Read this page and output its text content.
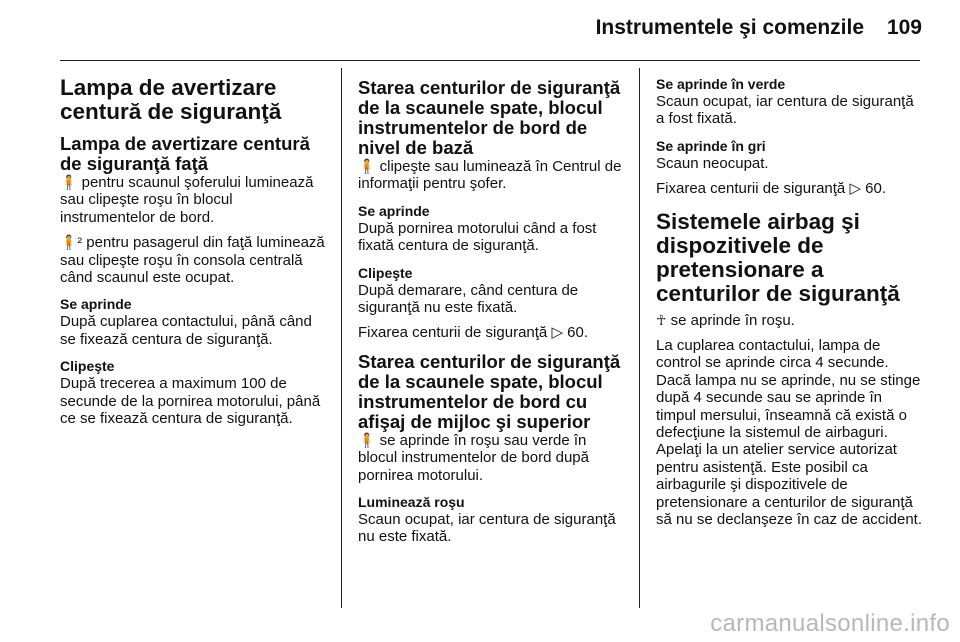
Instrumentele şi comenzile 109
Lampa de avertizare centură de siguranţă
Lampa de avertizare centură de siguranţă faţă
🧍 pentru scaunul şoferului luminează sau clipeşte roşu în blocul instrumentelor de bord.
🧍² pentru pasagerul din faţă luminează sau clipeşte roşu în consola centrală când scaunul este ocupat.
Se aprinde
După cuplarea contactului, până când se fixează centura de siguranţă.
Clipeşte
După trecerea a maximum 100 de secunde de la pornirea motorului, până ce se fixează centura de siguranţă.
Starea centurilor de siguranţă de la scaunele spate, blocul instrumentelor de bord de nivel de bază
🧍 clipeşte sau luminează în Centrul de informaţii pentru şofer.
Se aprinde
După pornirea motorului când a fost fixată centura de siguranţă.
Clipeşte
După demarare, când centura de siguranţă nu este fixată.
Fixarea centurii de siguranţă ▷ 60.
Starea centurilor de siguranţă de la scaunele spate, blocul instrumentelor de bord cu afişaj de mijloc şi superior
🧍 se aprinde în roşu sau verde în blocul instrumentelor de bord după pornirea motorului.
Luminează roşu
Scaun ocupat, iar centura de siguranţă nu este fixată.
Se aprinde în verde
Scaun ocupat, iar centura de siguranţă a fost fixată.
Se aprinde în gri
Scaun neocupat.
Fixarea centurii de siguranţă ▷ 60.
Sistemele airbag şi dispozitivele de pretensionare a centurilor de siguranţă
☥ se aprinde în roşu.
La cuplarea contactului, lampa de control se aprinde circa 4 secunde. Dacă lampa nu se aprinde, nu se stinge după 4 secunde sau se aprinde în timpul mersului, înseamnă că există o defecţiune la sistemul de airbaguri. Apelaţi la un atelier service autorizat pentru asistenţă. Este posibil ca airbagurile şi dispozitivele de pretensionare a centurilor de siguranţă să nu se declanşeze în caz de accident.
carmanualsonline.info
